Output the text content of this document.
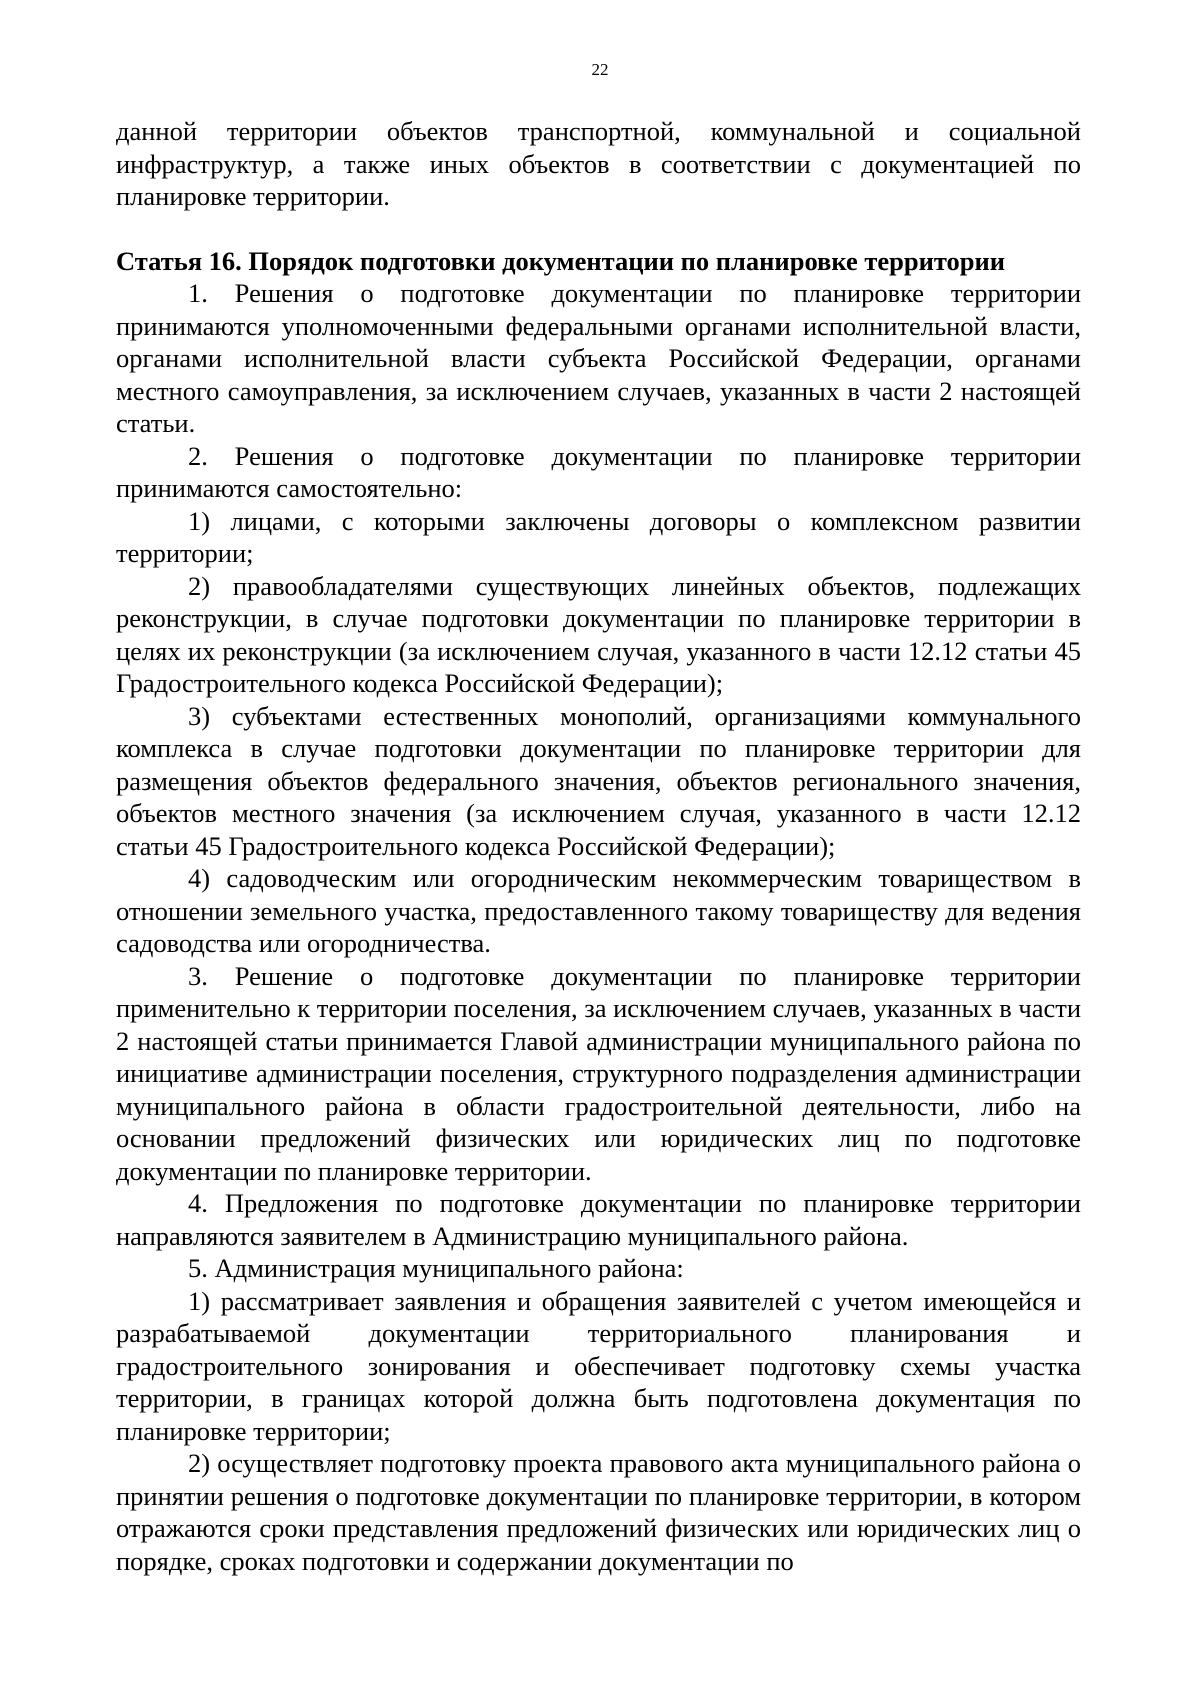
22

данной территории объектов транспортной, коммунальной и социальной инфраструктур, а также иных объектов в соответствии с документацией по планировке территории.

Статья 16. Порядок подготовки документации по планировке территории

1. Решения о подготовке документации по планировке территории принимаются уполномоченными федеральными органами исполнительной власти, органами исполнительной власти субъекта Российской Федерации, органами местного самоуправления, за исключением случаев, указанных в части 2 настоящей статьи.

2. Решения о подготовке документации по планировке территории принимаются самостоятельно:

1) лицами, с которыми заключены договоры о комплексном развитии территории;

2) правообладателями существующих линейных объектов, подлежащих реконструкции, в случае подготовки документации по планировке территории в целях их реконструкции (за исключением случая, указанного в части 12.12 статьи 45 Градостроительного кодекса Российской Федерации);

3) субъектами естественных монополий, организациями коммунального комплекса в случае подготовки документации по планировке территории для размещения объектов федерального значения, объектов регионального значения, объектов местного значения (за исключением случая, указанного в части 12.12 статьи 45 Градостроительного кодекса Российской Федерации);

4) садоводческим или огородническим некоммерческим товариществом в отношении земельного участка, предоставленного такому товариществу для ведения садоводства или огородничества.

3. Решение о подготовке документации по планировке территории применительно к территории поселения, за исключением случаев, указанных в части 2 настоящей статьи принимается Главой администрации муниципального района по инициативе администрации поселения, структурного подразделения администрации муниципального района в области градостроительной деятельности, либо на основании предложений физических или юридических лиц по подготовке документации по планировке территории.

4. Предложения по подготовке документации по планировке территории направляются заявителем в Администрацию муниципального района.

5. Администрация муниципального района:

1) рассматривает заявления и обращения заявителей с учетом имеющейся и разрабатываемой документации территориального планирования и градостроительного зонирования и обеспечивает подготовку схемы участка территории, в границах которой должна быть подготовлена документация по планировке территории;

2) осуществляет подготовку проекта правового акта муниципального района о принятии решения о подготовке документации по планировке территории, в котором отражаются сроки представления предложений физических или юридических лиц о порядке, сроках подготовки и содержании документации по
